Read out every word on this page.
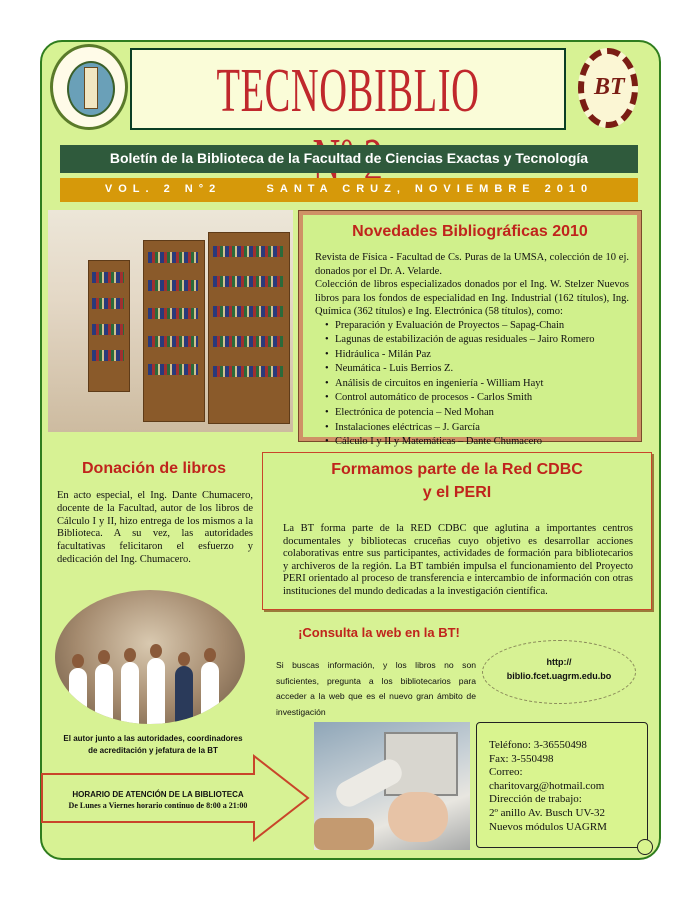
TECNOBIBLIO	BT
Boletín de la Biblioteca de la Facultad de Ciencias Exactas y Tecnología
VOL. 2 N°2     SANTA CRUZ, NOVIEMBRE 2010
Novedades Bibliográficas 2010
Revista de Física - Facultad de Cs. Puras de la UMSA, colección de 10 ej. donados por el Dr. A. Velarde.
Colección de libros especializados donados por el Ing. W. Stelzer Nuevos libros para los fondos de especialidad en Ing. Industrial (162 títulos), Ing. Química (362 títulos) e Ing. Electrónica (58 títulos), como:
• Preparación y Evaluación de Proyectos – Sapag-Chain
• Lagunas de estabilización de aguas residuales – Jairo Romero
• Hidráulica - Milán Paz
• Neumática - Luis Berrios Z.
• Análisis de circuitos en ingeniería - William Hayt
• Control automático de procesos - Carlos Smith
• Electrónica de potencia – Ned Mohan
• Instalaciones eléctricas – J. García
• Cálculo I y II y Matemáticas – Dante Chumacero
Donación de libros
En acto especial, el Ing. Dante Chumacero, docente de la Facultad, autor de los libros de Cálculo I y II, hizo entrega de los mismos a la Biblioteca. A su vez, las autoridades facultativas felicitaron el esfuerzo y dedicación del Ing. Chumacero.
Formamos parte de la Red CDBC
y el PERI
La BT forma parte de la RED CDBC que aglutina a importantes centros documentales y bibliotecas cruceñas cuyo objetivo es desarrollar acciones colaborativas entre sus participantes, actividades de formación para bibliotecarios y archiveros de la región. La BT también impulsa el funcionamiento del Proyecto PERI orientado al proceso de transferencia e intercambio de información con otras instituciones del mundo dedicadas a la investigación científica.
El autor junto a las autoridades, coordinadores
de acreditación y jefatura de la BT
HORARIO DE ATENCIÓN DE LA BIBLIOTECA
De Lunes a Viernes horario continuo de 8:00 a 21:00
¡Consulta la web en la BT!
Si buscas información, y los libros no son suficientes, pregunta a los bibliotecarios para acceder a la web que es el nuevo gran ámbito de investigación
http://
biblio.fcet.uagrm.edu.bo
Teléfono: 3-36550498
Fax: 3-550498
Correo:
charitovarg@hotmail.com
Dirección de trabajo:
2º anillo Av. Busch UV-32
Nuevos módulos UAGRM
